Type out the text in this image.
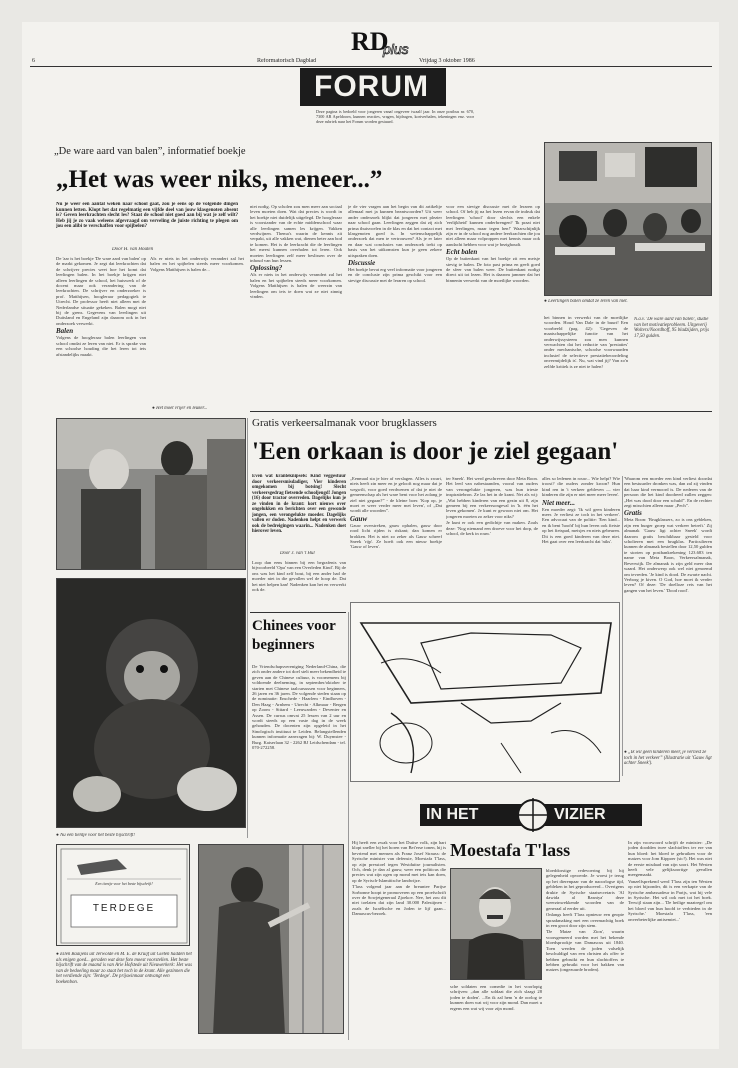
RD
plus
6	Reformatorisch Dagblad	Vrijdag 3 oktober 1986
FORUM
Deze pagina is bedoeld voor jongeren vanaf ongeveer twaalf jaar. In onze postbus nr. 670, 7300 AR Apeldoorn, kunnen reacties, vragen, bijdragen, kortverhalen, tekeningen enz. voor deze rubriek naar het Forum worden gestuurd.
„De ware aard van balen”, informatief boekje
„Het was weer niks, meneer...”
Nu je weer een aantal weken naar school gaat, zou je eens op de volgende dingen kunnen letten. Klopt het dat regelmatig een vijfde deel van jouw klasgenoten absent is? Geven leerkrachten slecht les? Staat de school niet goed aan bij wat je zelf wilt? Heb jij je zo vaak weleens afgevraagd om verveling de juiste richting te plegen om jou een alibi te verschaffen voor spijbelen?
Door H. van Houten

De 'aar is het boekje 'De ware aard van balen' op de markt gekomen. Je zegt dat leerkrachten dat de schrijver precies weet hoe het komt dat leerlingen balen. In het boekje krijgen niet alleen leerlingen de school, het huiswerk of de docent maar ook verandering van de leerkrachten. De schrijver en onderzoeker is prof. Matthijsen, hoogleraar pedagogiek te Utrecht. De professor heeft niet alleen met de Nederlandse situatie gekeken. Balen mogt niet bij de grens. Gegevens van leerlingen uit Duitsland en Engeland zijn daarom ook in het onderzoek verwerkt.

Balen

Volgens de hoogleraar balen leerlingen van school omdat ze leren van niet. Er is sprake van een schoolse houding die het leren tot iets afstandelijks maakt.

Als er niets in het onderwijs verandert zal het balen en het spijbelen steeds meer voorkomen. Volgens Matthijsen is balen de...

● Het moet vrijer en leuker...

niet nodig. Op scholen zou men meer aan sociaal leven moeten doen. Wat dat precies is wordt in het boekje niet duidelijk uitgelegd. De hoogleraar is voorstander van de echte middenschool waar alle leerlingen samen les krijgen. Vakken verdwijnen. Thema's waarin de kennis zit verpakt, uit alle vakken wat, dienen beter aan bod te komen. Het is de leerkracht die de leerlingen het meest kunnen overhalen tot leren. Ook moeten leerlingen zelf meer beslissen over de inhoud van hun lessen.

Oplossing?

Als er niets in het onderwijs verandert zal het balen en het spijbelen steeds meer voorkomen. Volgens Matthijsen is balen de weerzin van leerlingen om iets te doen wat ze niet zinnig vinden.

je de vier vragen aan het begin van dit artikeltje allemaal met ja kunnen beantwoorden? Uit weer ander onderzoek blijkt dat jongeren met plezier naar school gaan. Leerlingen zeggen dat zij zich prima thuisvoelen in de klas en dat het contact met klasgenoten goed is. In wetenschappelijk onderzoek dat men te vertrouwen? Als je er later en daar wat conclusies van onderzoek trekt op basis van het uitkomsten kun je geen zekere uitspraken doen.

Discussie

Het boekje bevat erg veel informatie voor jongeren en de conclusie zijn prima geschikt voor een stevige discussie met de leraren op school.

voor een stevige discussie met de leraren op school. Of heb jij na het lezen ervan de indruk dat leerlingen 'school' door slechts een enkele 'eerlijkheid' kunnen onderbrengen? 'Ik praat niet met leerlingen, maar tegen hen!' Waarschijnlijk zijn er in de school nog andere leerkrachten die jou niet alleen maar volproppen met kennis maar ook aandacht hebben voor wat je bezighoudt.

Echt balen

Op de buitenkant van het boekje zit een meisje stevig te balen. De foto past prima en geeft goed de sfeer van balen weer. De buitenkant nodigt direct uit tot lezen. Het is daarom jammer dat het binnenin verwerkt van de moeilijke woorden.

● Leerlingen balen omdat ze leren van niet.
het binnen in verwerkt van de moeilijke woorden. Houd Van Dale in de buurt! Een voorbeeld (pag. 42): 'Gegeven de maatschappelijke functie van het onderwijssysteem zou men kunnen verwachten dat het reductie van 'prestaties' onder mechanische, schoolse voorwaarden inclusief de selectieve prestatiebeoordeling onvermijdelijk is'. Nu, wat vind jij? Van zo'n zelfde kritiek is ze niet te halen!
N.a.v. 'De ware aard van balen', studie van het motivatieprobleem. Uitgeverij Wolters/Noordhoff, 95 bladzijden, prijs 17,50 gulden.
● Nu een tientje voor het beste bijschrift!
Gratis verkeersalmanak voor brugklassers
'Een orkaan is door je ziel gegaan'
Even wat kranteknipsels: Kind veggestuur door verkeersmisdadiger, Vier kinderen omgekomen bij botsing! Slecht verkeersgedrag fietsende schooljeugd! Jongen (16) door tractor overreden. Dagelijks kun je ze vinden in de krant: kort nieuws over ongelukken en berichten over een gewonde jongen, een verongelukte moeder. Dagelijks vallen er doden. Nadenken helpt en verwerk ook de bedreigingen waarin... Nadenken doet hierover leven.
Door J. van 't Hul
Loop dan eens binnen bij een begrafenis van bijvoorbeeld 'Opa' van een Overleden Kind'. Bij de ons was het kind zelf bout, bij een ander had de moeder niet in die gevallen wel de hoop de. Dat het niet helpen kan! Nadenken kan het en verwerkt ook de.

„Eenmaal sta je hier af verslagen. Alles is zwart, niets heeft zin meer en je gelooft nog maar dat je wegwilt, voor goed verdwenen of dat je niet de gemeenschap als het ware bent voor het zolang je ziel niet gegaan?” - de kleine boer. 'Kop op, je moet er weer verder meer met leven', of „Dat wordt alle woorden”.

Gauw

Gauw overstreken, gauw ophalen, gauw door rood licht rijden is riskant; dan komen er brokken. Het is niet zo zeker als Gauw schreef Sneek 'rijp'. Ze hoeft ook een nieuw boekje 'Gauw of leven'.

ter Sneek'. Het werd geschreven door Meta Boon. Het leed van nabestaanden, vooral van ouders van verongelukte jongeren, was hun trieste inspiratiebron. Ze las het in de krant. Net als wij: „Wat hebben kinderen van een gezin uit 8, zijn gemeen bij een verkeersongeval in 'h. één het leven gekomen'. Je kunt er gewoon niet om. Het jongeren moeten zo zeker voor niks?

Je kunt er ook een gedichtje van maken. Zoals deze: 'Nog niemand een droeve voor het dorp, de school, de kerk in rouw.'

alles so ledenen in rouw... Wie helpt? Wie troost? die ouders zonder kroon? Hun kind ren in 't verkeer gebleven — vier kinderen die zijn er niet meer meer leven'.

Niet meer...

Een moeder zegt: 'Ik wil geen kinderen meer. Je verliest ze toch in het verkeer'. Een advocaat van de politie: 'Een kind... en ik bent 'hoofd' bij hun leven ook fietste op het fietspad, meisjes en niets gebeuren. Dit is een goed kinderen van deze niet. Het gaat over een leerkracht dat 'niks'.

'Waarom een moeder een kind verliest doordat een bestuurder dronken was, dan zal zij vinden dat haar kind vermoord is. De nederen van de persoon die het kind doodreed zullen zeggen: „Het was dood door een schuld”. En de rechter zegt misschien alleen maar „Pech”.

Gratis

Meta Boon: 'Brugklassers, zo is ons gebleken, zijn een burger groep wat verkeer betreft.' Zij almanak 'Gauw ligt achter Sneek' wordt daarom gratis beschikbaar gesteld voor scholieren met een brugklas. Particulieren kunnen de almanak bestellen door 12,50 gulden te storten op postbankrekening 123.683 ten name van Meta Boon, Verkeersalmanak, Beverwijk. De almanak is zijn geld meer dan waard. Het onderwerp ook wel niet genoemd om tevreden. 'Je kind is dood. De zwarte nacht. Verborg je kiven. O God, hoe moet ik verder leven? Of deze: 'De doelloze reis van het gangen van het leven.' 'Dood rood'.

● „Ik wil geen kinderen meer, je verliest ze toch in het verkeer” (Illustratie uit 'Gauw ligt achter Sneek').
Chinees voor beginners
De Vriendschapsvereniging Nederland-China, die zich onder andere tot doel stelt meer bekendheid te geven aan de Chinese cultuur, is voornemens bij voldoende deelneming, in september/oktober te starten met Chinese taalcursussen voor beginners, 26 jaren en 36 jaren. De volgende steden staan op de nominatie: Enschede - Haarlem - Eindhoven - Den Haag - Arnhem - Utrecht - Alkmaar - Bergen op Zoom - Sittard - Leeuwarden - Deventer en Assen. De cursus omvat 25 lessen van 2 uur en wordt steeds op een vaste dag in de week gehouden. De docenten zijn opgeleid in het Sinologisch instituut te Leiden. Belangstellenden kunnen informatie aanvragen bij: W. Duymstee - Burg. Kaiserlaan 32 - 2262 BJ Leidschendam - tel. 070-272258.
IN HET	VIZIER

Hij heeft een zwak voor het Duitse volk, zijn hart klopt sneller bij het horen van Bei'erse tonen, hij is bevriend met mensen als Franz Josef Strauss: de Syrische minister van defensie, Moestafa T'lass, op zijn presstoel tegen Westduitse journalisten. Och, denk je dan al gauw, weer een politicus die precies wat zijn ogen op mond met iets kan doen, op de Syrisch-Islamitische landwijze.

T'lass volgend jaar aan de breuntee Parijse Sorbonne hoopt te promoveren op een proefschrift over de Sowjetgeneraal Zjoekov. Nee, het zou dit niet toelaten dat zijn land 30.000 Palestijnen - zoals de Israëlische en Joden te lijf gaan... Damascus-bezoek.

Moestafa T'lass
sche soldaten een comedie in het voorlopig schrijven: „dan alle soldaat die zich slaagt 28 joden te doden'. ...En ik zal hem 'n de oorlog te kunnen doen wat wij voor zijn mond. Dan moet u ergens een wat wij voor zijn mond.

bloeddorstige redevoering bij hij gelegenheid opvoerde. Je woest je terug op het dierenpaar van de naoorlogse tijd, gebleken in het geproduceerd... Overigens drukte de Syrische staatsecretaris 'Al dawida al Rasniya' deze weerzinwekkende woorden van de generaal al eerder uit.

Onlangs heeft T'lass opnieuw een geopte spraakmaking met een overmachtig boek in een groot door zijn stem.

'De Matze van Zion', waarin voorsgemeerd worden met het bekende bloedsprookje van Damascus uit 1840. Toen werden de joden valselijk beschuldigd van een christen als offer te hebben gebruikt en hun slachtoffers te hebben gebruikt voor het bakken van matzes (ongezuurde broden).

In zijn voorwoord schrijft de minister: „De joden doodden twee slachtoffers ter ere van hun bloed: het bloed te gebruiken voor de matzes voor Jom Kippoer (sic!). Het was niet de eerste misdaad van zijn soort. Het Westen heeft vele gelijksoortige gevallen meegemaakt.

Vanzelfsprekend werd T'lass zijn ten Westen op niet bijzonder, dit is een verkapte van de Syrische ambassadeur in Parijs, wat hij vele in Syrische. Het wil ook met tot het boek. Terwijl staan zijn... 'De heilige maatregel om het bloed van hun hoofd te verbieden in de Syrische.' Moestafa T'lass, 'een onverbeterlijke antisemiet...'

Een tientje voor het beste bijschrift!
TERDEGE
● Ellen Baaijens uit Terwolde en M. E. de Kruijf uit Gieten hadden het als enigen goed... geraden wat deze foto moest voorstellen. Het beste bijschrift van de maand is van Arie Hofstede uit Nieuwerkerk: Het was van de bedoeling maar zo staat het toch in de krant. Alle gezinnen die het verdiende zijn: 'Terdege'. De prijswinnaar ontvangt een boekenbon.
